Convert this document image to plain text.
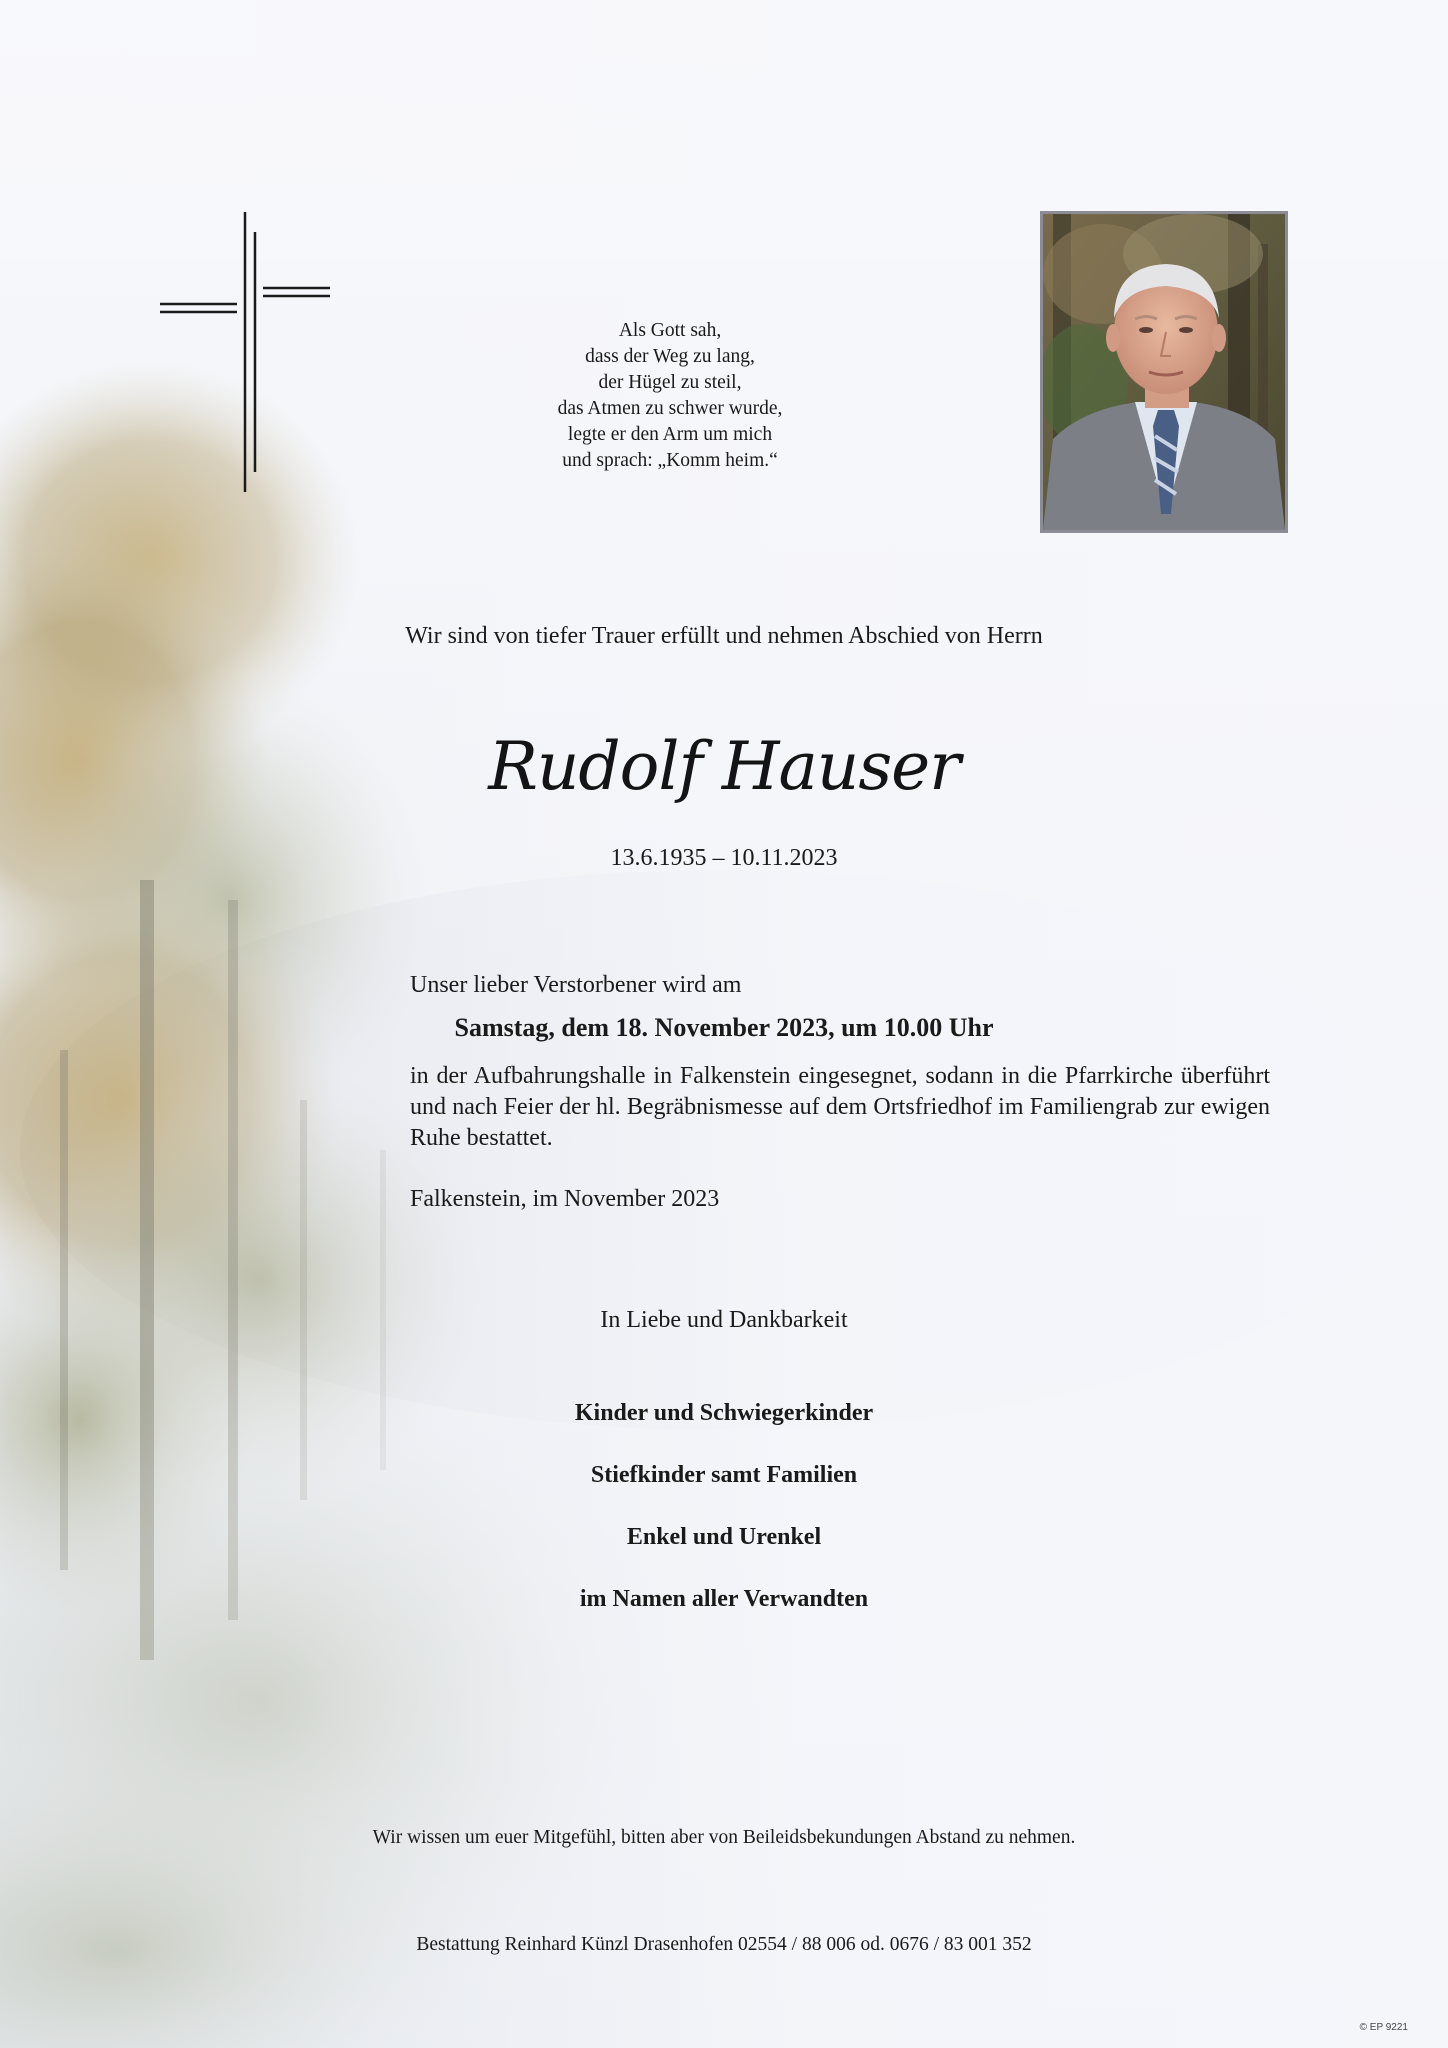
Als Gott sah,
dass der Weg zu lang,
der Hügel zu steil,
das Atmen zu schwer wurde,
legte er den Arm um mich
und sprach: „Komm heim.“
Wir sind von tiefer Trauer erfüllt und nehmen Abschied von Herrn
Rudolf Hauser
13.6.1935 – 10.11.2023
Unser lieber Verstorbener wird am
Samstag, dem 18. November 2023, um 10.00 Uhr
in der Aufbahrungshalle in Falkenstein eingesegnet, sodann in die Pfarrkirche überführt und nach Feier der hl. Begräbnismesse auf dem Ortsfriedhof im Familiengrab zur ewigen Ruhe bestattet.
Falkenstein, im November 2023
In Liebe und Dankbarkeit
Kinder und Schwiegerkinder
Stiefkinder samt Familien
Enkel und Urenkel
im Namen aller Verwandten
Wir wissen um euer Mitgefühl, bitten aber von Beileidsbekundungen Abstand zu nehmen.
Bestattung Reinhard Künzl Drasenhofen 02554 / 88 006 od. 0676 / 83 001 352
© EP 9221
